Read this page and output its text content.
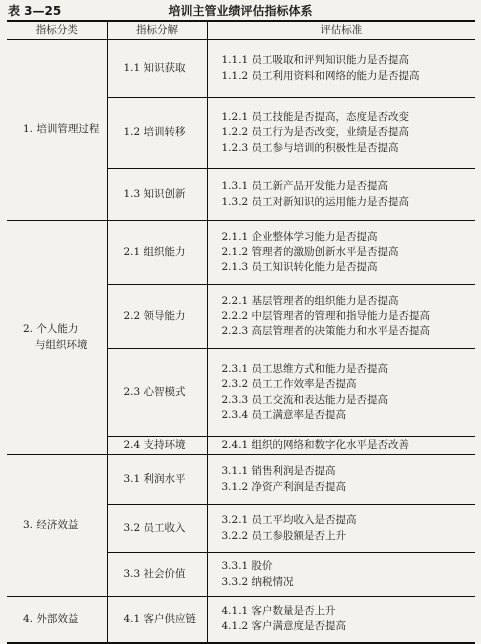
表 3—25	培训主管业绩评估指标体系
指标分类	指标分解	评估标准

1. 培训管理过程	1.1 知识获取	1.1.1 员工吸取和评判知识能力是否提高
1.1.2 员工利用资料和网络的能力是否提高

	1.2 培训转移	1.2.1 员工技能是否提高，态度是否改变
1.2.2 员工行为是否改变，业绩是否提高
1.2.3 员工参与培训的积极性是否提高

	1.3 知识创新	1.3.1 员工新产品开发能力是否提高
1.3.2 员工对新知识的运用能力是否提高

2. 个人能力
与组织环境	2.1 组织能力	2.1.1 企业整体学习能力是否提高
2.1.2 管理者的激励创新水平是否提高
2.1.3 员工知识转化能力是否提高

	2.2 领导能力	2.2.1 基层管理者的组织能力是否提高
2.2.2 中层管理者的管理和指导能力是否提高
2.2.3 高层管理者的决策能力和水平是否提高

	2.3 心智模式	2.3.1 员工思维方式和能力是否提高
2.3.2 员工工作效率是否提高
2.3.3 员工交流和表达能力是否提高
2.3.4 员工满意率是否提高

	2.4 支持环境	2.4.1 组织的网络和数字化水平是否改善

3. 经济效益	3.1 利润水平	3.1.1 销售利润是否提高
3.1.2 净资产利润是否提高

	3.2 员工收入	3.2.1 员工平均收入是否提高
3.2.2 员工参股额是否上升

	3.3 社会价值	3.3.1 股价
3.3.2 纳税情况

4. 外部效益	4.1 客户供应链	4.1.1 客户数量是否上升
4.1.2 客户满意度是否提高
